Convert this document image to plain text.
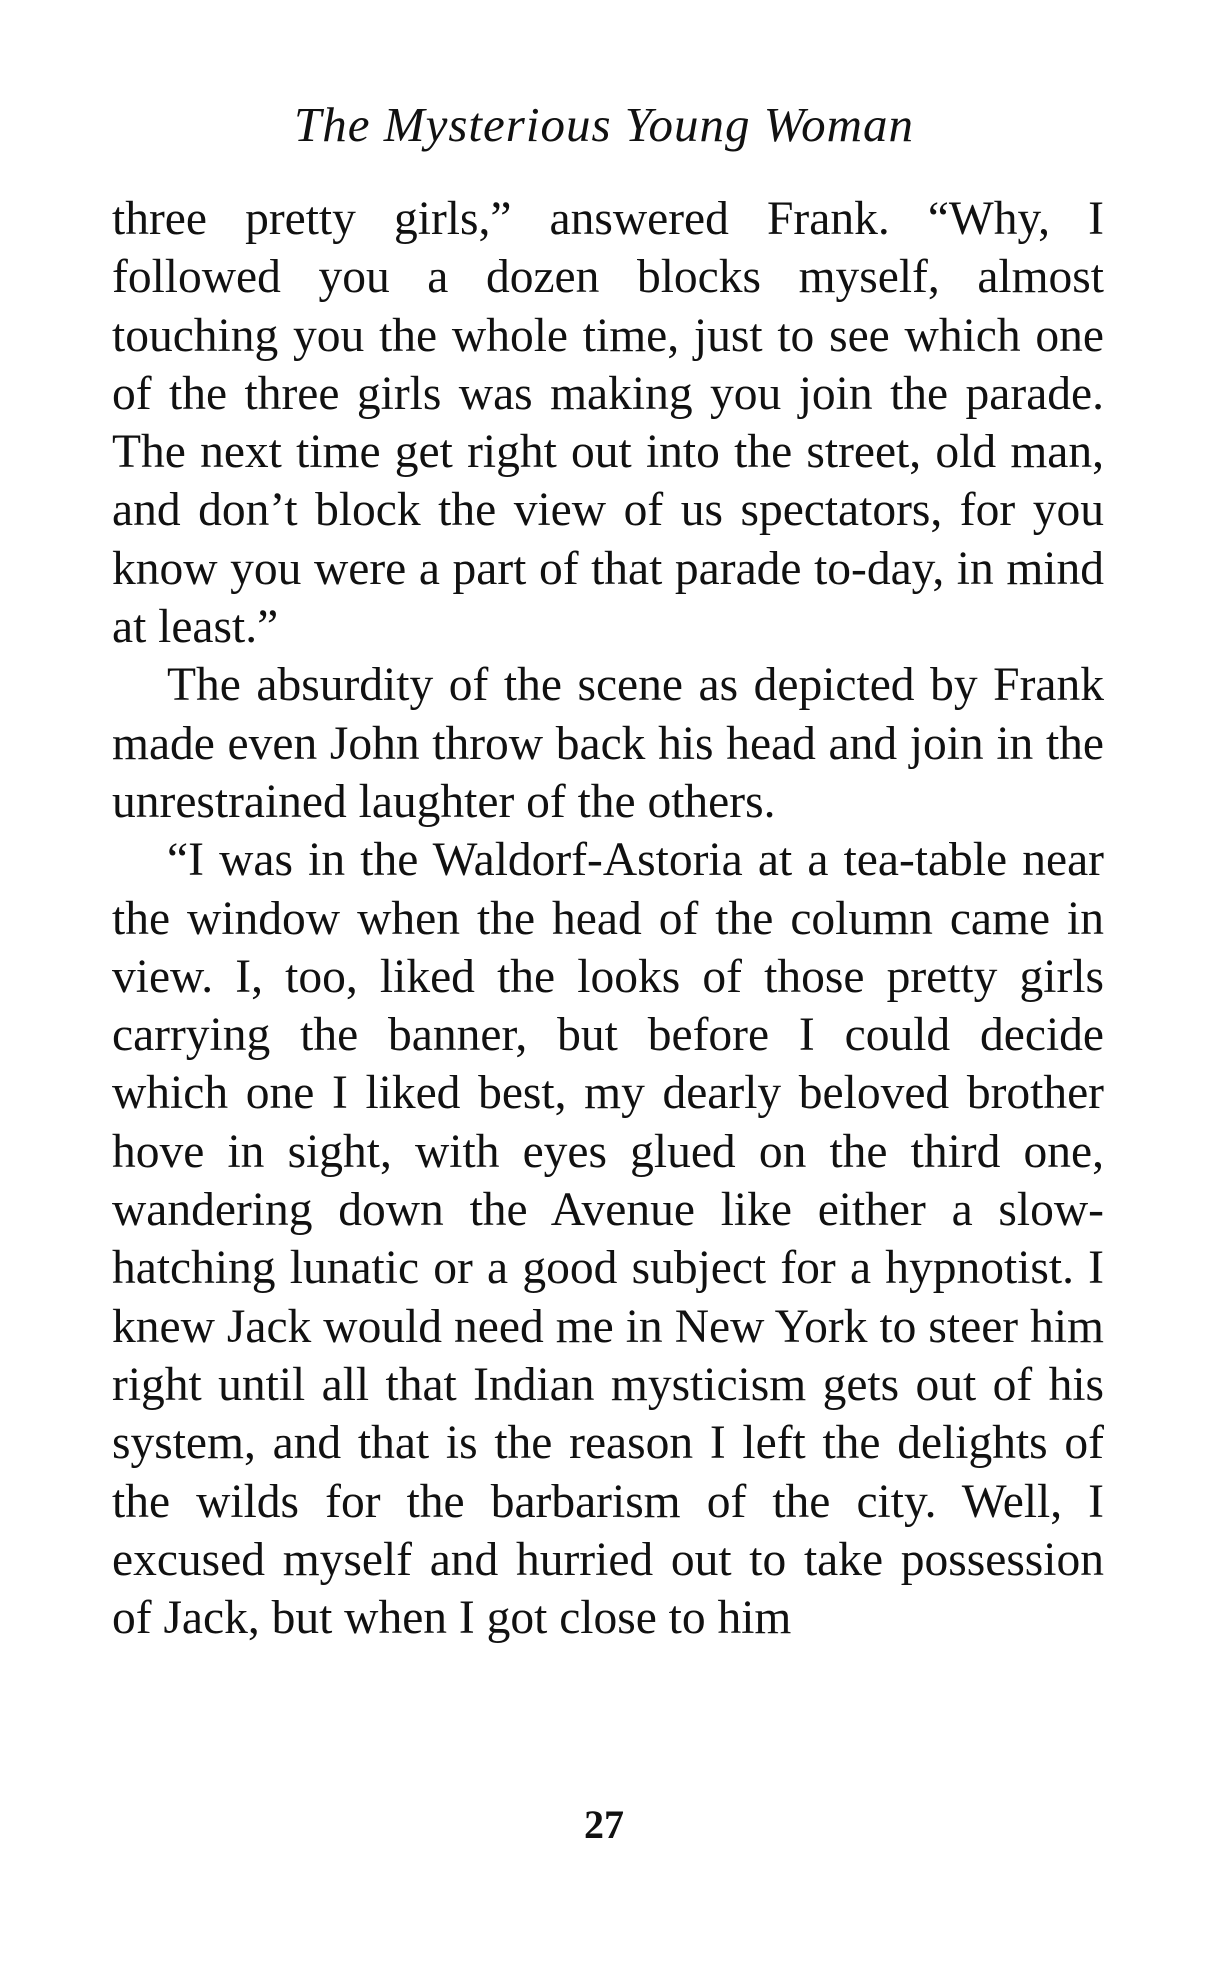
The Mysterious Young Woman

three pretty girls,” answered Frank. “Why, I followed you a dozen blocks myself, almost touching you the whole time, just to see which one of the three girls was making you join the parade. The next time get right out into the street, old man, and don’t block the view of us spectators, for you know you were a part of that parade to-day, in mind at least.”

The absurdity of the scene as depicted by Frank made even John throw back his head and join in the unrestrained laughter of the others.

“I was in the Waldorf-Astoria at a tea-table near the window when the head of the column came in view. I, too, liked the looks of those pretty girls carrying the banner, but before I could decide which one I liked best, my dearly beloved brother hove in sight, with eyes glued on the third one, wandering down the Avenue like either a slow-hatching lunatic or a good subject for a hypnotist. I knew Jack would need me in New York to steer him right until all that Indian mysticism gets out of his system, and that is the reason I left the delights of the wilds for the barbarism of the city. Well, I excused myself and hurried out to take possession of Jack, but when I got close to him

27
